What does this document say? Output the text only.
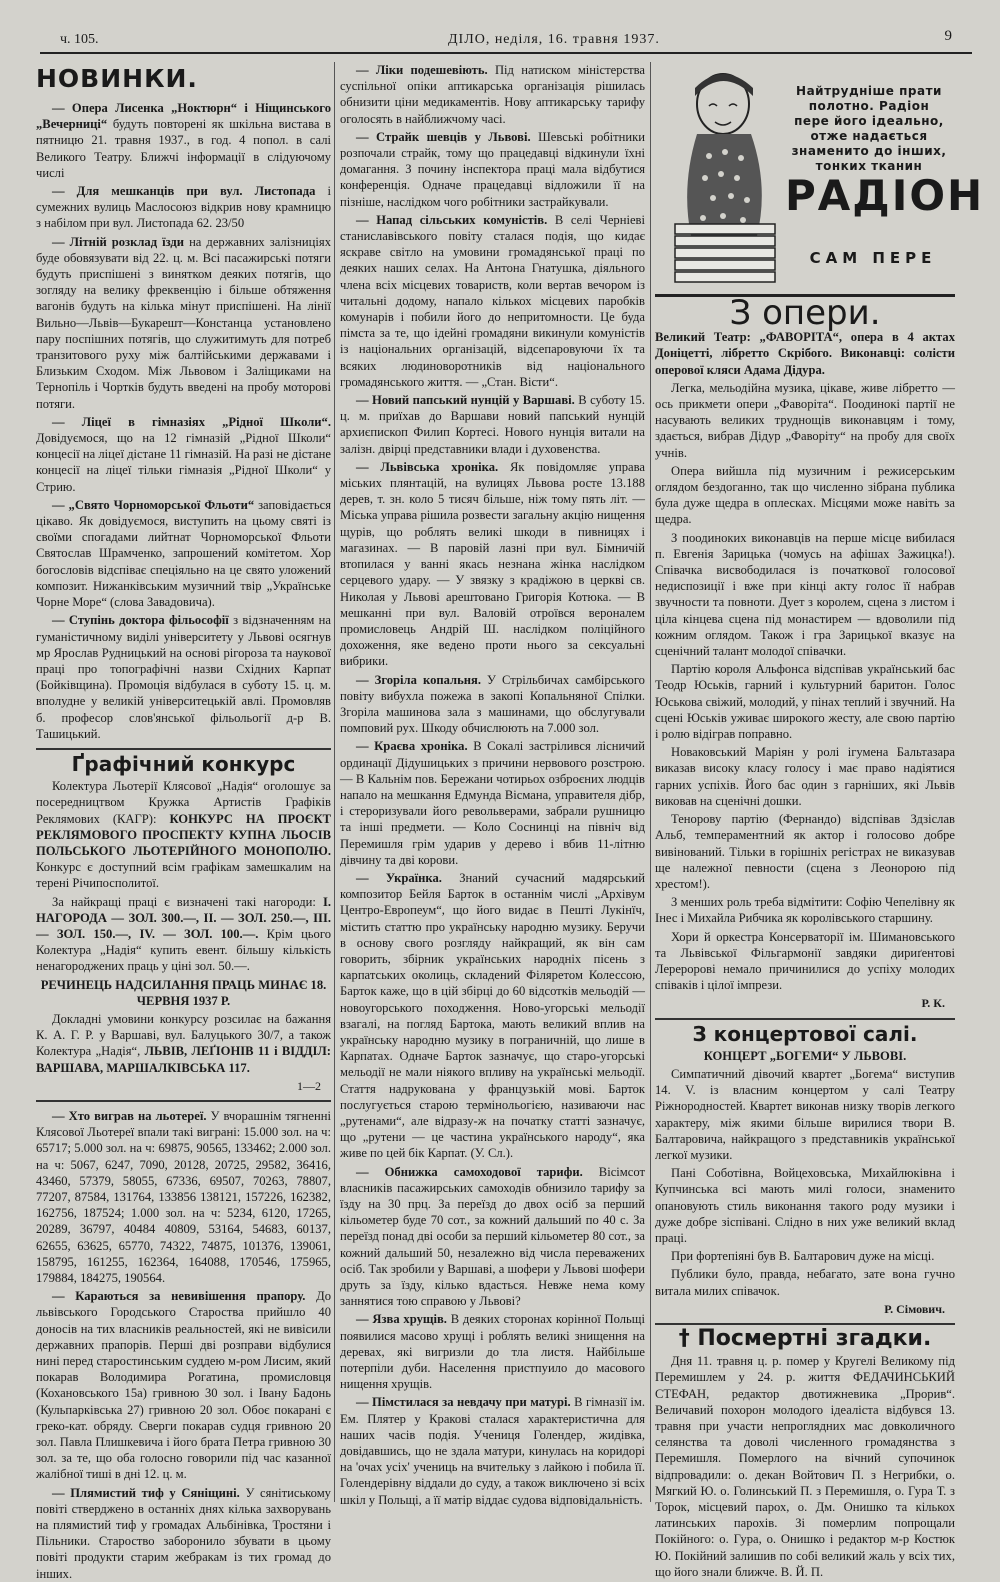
ч. 105.	ДІЛО, неділя, 16. травня 1937.	9
НОВИНКИ.

— Опера Лисенка „Ноктюрн“ і Ніщинського „Вечерниці“ будуть повторені як шкільна вистава в пятницю 21. травня 1937., в год. 4 попол. в салі Великого Театру. Ближчі інформації в слідуючому числі

— Для мешканців при вул. Листопада і сумежних вулиць Маслосоюз відкрив нову крамницю з набілом при вул. Листопада 62. 23/50

— Літній розклад їзди на державних залізниціях буде обовязувати від 22. ц. м. Всі пасажирські потяги будуть приспішені з винятком деяких потягів, що зогляду на велику фреквенцію і більше обтяження вагонів будуть на кілька мінут приспішені. На лінії Вильно—Львів—Букарешт—Констанца установлено пару поспішних потягів, що служитимуть для потреб транзитового руху між балтійськими державами і Близьким Сходом. Між Львовом і Заліщиками на Тернопіль і Чортків будуть введені на пробу моторові потяги.

— Ліцеї в гімназіях „Рідної Школи“. Довідуємося, що на 12 гімназій „Рідної Школи“ концесії на ліцеї дістане 11 гімназій. На разі не дістане концесії на ліцеї тільки гімназія „Рідної Школи“ у Стрию.

— „Свято Чорноморської Фльоти“ заповідається цікаво. Як довідуємося, виступить на цьому святі із своїми спогадами лийтнат Чорноморської Фльоти Святослав Шрамченко, запрошений комітетом. Хор богословів відспіває спеціяльно на це свято уложений композит. Нижанківським музичний твір „Українське Чорне Море“ (слова Завадовича).

— Ступінь доктора фільософії з відзначенням на гуманістичному виділі університету у Львові осягнув мр Ярослав Рудницький на основі рігороза та наукової праці про топографічні назви Східних Карпат (Бойківщина). Промоція відбулася в суботу 15. ц. м. вполудне у великій університецькій авлі. Промовляв б. професор слов'янської фільольогії д-р В. Ташицький.

Ґрафічний конкурс

Колектура Льотерії Клясової „Надія“ оголошує за посередництвом Кружка Артистів Графіків Реклямових (КАГР): КОНКУРС НА ПРОЄКТ РЕКЛЯМОВОГО ПРОСПЕКТУ КУПНА ЛЬОСІВ ПОЛЬСЬКОГО ЛЬОТЕРІЙНОГО МОНОПОЛЮ. Конкурс є доступний всім графікам замешкалим на терені Річипосполитої.

За найкращі праці є визначені такі нагороди: І. НАГОРОДА — ЗОЛ. 300.—, ІІ. — ЗОЛ. 250.—, ІІІ. — ЗОЛ. 150.—, IV. — ЗОЛ. 100.—. Крім цього Колектура „Надія“ купить евент. більшу кількість ненагороджених праць у ціні зол. 50.—.

РЕЧИНЕЦЬ НАДСИЛАННЯ ПРАЦЬ МИНАЄ 18. ЧЕРВНЯ 1937 Р.

Докладні умовини конкурсу розсилає на бажання К. А. Г. Р. у Варшаві, вул. Балуцького 30/7, а також Колектура „Надія“, ЛЬВІВ, ЛЕҐІОНІВ 11 і ВІДДІЛ: ВАРШАВА, МАРШАЛКІВСЬКА 117.

1—2

— Хто виграв на льотереї. У вчорашнім тягненні Клясової Льотереї впали такі виграні: 15.000 зол. на ч: 65717; 5.000 зол. на ч: 69875, 90565, 133462; 2.000 зол. на ч: 5067, 6247, 7090, 20128, 20725, 29582, 36416, 43460, 57379, 58055, 67336, 69507, 70263, 78807, 77207, 87584, 131764, 133856 138121, 157226, 162382, 162756, 187524; 1.000 зол. на ч: 5234, 6120, 17265, 20289, 36797, 40484 40809, 53164, 54683, 60137, 62655, 63625, 65770, 74322, 74875, 101376, 139061, 158795, 161255, 162364, 164088, 170546, 175965, 179884, 184275, 190564.

— Караються за невивішення прапору. До львівського Городського Староства прийшло 40 доносів на тих власників реальностей, які не вивісили державних прапорів. Перші дві розправи відбулися нині перед старостинським суддею м-ром Лисим, який покарав Володимира Рогатина, промисловця (Кохановського 15а) гривною 30 зол. і Івану Бадонь (Кульпарківська 27) гривною 20 зол. Обоє покарані є греко-кат. обряду. Сверги покарав судця гривною 20 зол. Павла Плишкевича і його брата Петра гривною 30 зол. за те, що оба голосно говорили під час казанної жалібної тиші в дні 12. ц. м.

— Плямистий тиф у Сяніщині. У сянітиському повіті стверджено в останніх днях кілька захворувань на плямистий тиф у громадах Альбінівка, Тростяни і Пільники. Староство заборонило збувати в цьому повіті продукти старим жебракам із тих громад до інших.

— Ліки подешевіють. Під натиском міністерства суспільної опіки аптикарська організація рішилась обнизити ціни медикаментів. Нову аптикарську тарифу оголосять в найближчому часі.

— Страйк шевців у Львові. Шевські робітники розпочали страйк, тому що працедавці відкинули їхні домагання. З почину інспектора праці мала відбутися конференція. Одначе працедавці відложили її на пізніше, наслідком чого робітники застрайкували.

— Напад сільських комуністів. В селі Черніеві станиславівського повіту сталася подія, що кидає яскраве світло на умовини громадянської праці по деяких наших селах. На Антона Гнатушка, діяльного члена всіх місцевих товариств, коли вертав вечором із читальні додому, напало кількох місцевих паробків комунарів і побили його до непритомности. Це буда пімста за те, що ідейні громадяни викинули комуністів із національних організацій, відсепаровуючи їх та всяких людиноворотників від національного громадянського життя. — „Стан. Вісти“.

— Новий папський нунцій у Варшаві. В суботу 15. ц. м. приїхав до Варшави новий папський нунцій архиєпископ Филип Кортесі. Нового нунція витали на залізн. двірці представники влади і духовенства.

— Львівська хроніка. Як повідомляє управа міських плянтацій, на вулицях Львова росте 13.188 дерев, т. зн. коло 5 тисяч більше, ніж тому пять літ. — Міська управа рішила розвести загальну акцію нищення щурів, що роблять великі шкоди в пивницях і магазинах. — В паровій лазні при вул. Бімничій втопилася у ванні якась незнана жінка наслідком серцевого удару. — У звязку з крадіжою в церкві св. Николая у Львові арештовано Григорія Котюка. — В мешканні при вул. Валовій отроївся вероналем промисловець Андрій Ш. наслідком поліційного дохоження, яке ведено проти нього за сексуальні вибрики.

— Згоріла копальня. У Стрільбичах самбірського повіту вибухла пожежа в закопі Копальняної Спілки. Згоріла машинова зала з машинами, що обслугували помповий рух. Шкоду обчислюють на 7.000 зол.

— Краєва хроніка. В Сокалі застрілився лісничий ординації Дідушицьких з причини нервового розстрою. — В Кальнім пов. Бережани чотирьох озброєних людців напало на мешкання Едмунда Вісмана, управителя дібр, і стероризували його револьверами, забрали рушницю та інші предмети. — Коло Соснинці на північ від Перемишля грім ударив у дерево і вбив 11-літню дівчину та дві корови.

— Українка. Знаний сучасний мадярський композитор Бейля Барток в останнім числі „Архівум Центро-Европеум“, що його видає в Пешті Лукінїч, містить статтю про українську народню музику. Беручи в основу свого розгляду найкращий, як він сам говорить, збірник українських народніх пісень з карпатських околиць, складений Філяретом Колессою, Барток каже, що в цій збірці до 60 відсотків мельодій — новоугорського походження. Ново-угорські мельодії взагалі, на погляд Бартока, мають великий вплив на українську народню музику в пограничній, що лише в Карпатах. Одначе Барток зазначує, що старо-угорські мельодії не мали ніякого впливу на українські мельодії. Стаття надрукована у французькій мові. Барток послугується старою термінольогією, називаючи нас „рутенами“, але відразу-ж на початку статті зазначує, що „рутени — це частина українського народу“, яка живе по цей бік Карпат. (У. Сл.).

— Обнижка самоходової тарифи. Вісімсот власників пасажирських самоходів обнизило тарифу за їзду на 30 прц. За переїзд до двох осіб за перший кільометер буде 70 сот., за кожний дальший по 40 с. За переїзд понад дві особи за перший кільометер 80 сот., за кожний дальший 50, незалежно від числа переважених осіб. Так зробили у Варшаві, а шофери у Львові шофери друть за їзду, кілько вдасться. Невже нема кому заннятися тою справою у Львові?

— Язва хрущів. В деяких сторонах корінної Польщі появилися масово хрущі і роблять великі знищення на деревах, які вигризли до тла листя. Найбільше потерпіли дуби. Населення пристпуило до масового нищення хрущів.

— Пімстилася за невдачу при матурі. В гімназії ім. Ем. Плятер у Кракові сталася характеристична для наших часів подія. Учениця Голендер, жидівка, довідавшись, що не здала матури, кинулась на коридорі на 'очах усіх' учениць на вчительку з лайкою і побила її. Голендерівну віддали до суду, а також виключено зі всіх шкіл у Польщі, а її матір віддає судова відповідальність.

Найтрудніше прати полотно. Радіон пере його ідеально, отже надається знаменито до інших, тонких тканин
РАДІОН
САМ ПЕРЕ
З опери.

Великий Театр: „ФАВОРІТА“, опера в 4 актах Доніцетті, лібретто Скрібого. Виконавці: солісти оперової кляси Адама Дідура.

Легка, мельодійна музика, цікаве, живе лібретто — ось прикмети опери „Фаворіта“. Поодинокі партії не насувають великих труднощів виконавцям і тому, здається, вибрав Дідур „Фаворіту“ на пробу для своїх учнів.

Опера вийшла під музичним і режисерським оглядом бездоганно, так що численно зібрана публика була дуже щедра в оплесках. Місцями може навіть за щедра.

З поодиноких виконавців на перше місце вибилася п. Евгенія Зарицька (чомусь на афішах Зажицка!). Співачка висвободилася із початкової голосової недиспозиції і вже при кінці акту голос її набрав звучности та повноти. Дует з королем, сцена з листом і ціла кінцева сцена під монастирем — вдоволили під кожним оглядом. Також і гра Зарицької вказує на сценічний талант молодої співачки.

Партію короля Альфонса відспівав український бас Теодр Юськів, гарний і культурний баритон. Голос Юськова свіжий, молодий, у пінах теплий і звучний. На сцені Юськів уживає широкого жесту, але свою партію і ролю відіграв поправно.

Новаковський Маріян у ролі ігумена Бальтазара виказав високу класу голосу і має право надіятися гарних успіхів. Його бас один з гарніших, які Львів виковав на сценічні дошки.

Тенорову партію (Фернандо) відспівав Здзіслав Альб, темпераментний як актор і голосово добре вивінований. Тільки в горішніх регістрах не виказував ще належної певности (сцена з Леонорою під хрестом!).

З менших роль треба відмітити: Софію Чепелівну як Інес і Михайла Рибчика як королівського старшину.

Хори й оркестра Консерваторії ім. Шимановського та Львівської Фільгармонії завдяки дириґентові Лереророві немало причинилися до успіху молодих співаків і цілої імпрези.

Р. К.
З концертової салі.

КОНЦЕРТ „БОГЕМИ“ У ЛЬВОВІ.

Симпатичний дівочий квартет „Богема“ виступив 14. V. із власним концертом у салі Театру Ріжнородностей. Квартет виконав низку творів легкого характеру, між якими більше вирилися твори В. Балтаровича, найкращого з представників української легкої музики.

Пані Соботівна, Войцеховська, Михайлюківна і Купчинська всі мають милі голоси, знаменито опановують стиль виконання такого роду музики і дуже добре зіспівані. Слідно в них уже великий вклад праці.

При фортепіяні був В. Балтарович дуже на місці.

Публики було, правда, небагато, зате вона гучно витала милих співачок.

Р. Сімович.
† Посмертні згадки.

Дня 11. травня ц. р. помер у Кругелі Великому під Перемишлем у 24. р. життя ФЕДАЧИНСЬКИЙ СТЕФАН, редактор двотижневика „Прорив“. Величавий похорон молодого ідеаліста відбувся 13. травня при участи непроглядних мас довколичного селянства та доволі численного громадянства з Перемишля. Померлого на вічний супочинок відпровадили: о. декан Войтович П. з Негрибки, о. Мягкий Ю. о. Голинський П. з Перемишля, о. Гура Т. з Торок, місцевий парох, о. Дм. Онишко та кількох латинських парохів. Зі померлим попрощали Покійного: о. Гура, о. Онишко і редактор м-р Костюк Ю. Покійний залишив по собі великий жаль у всіх тих, що його знали ближче. В. Й. П.
